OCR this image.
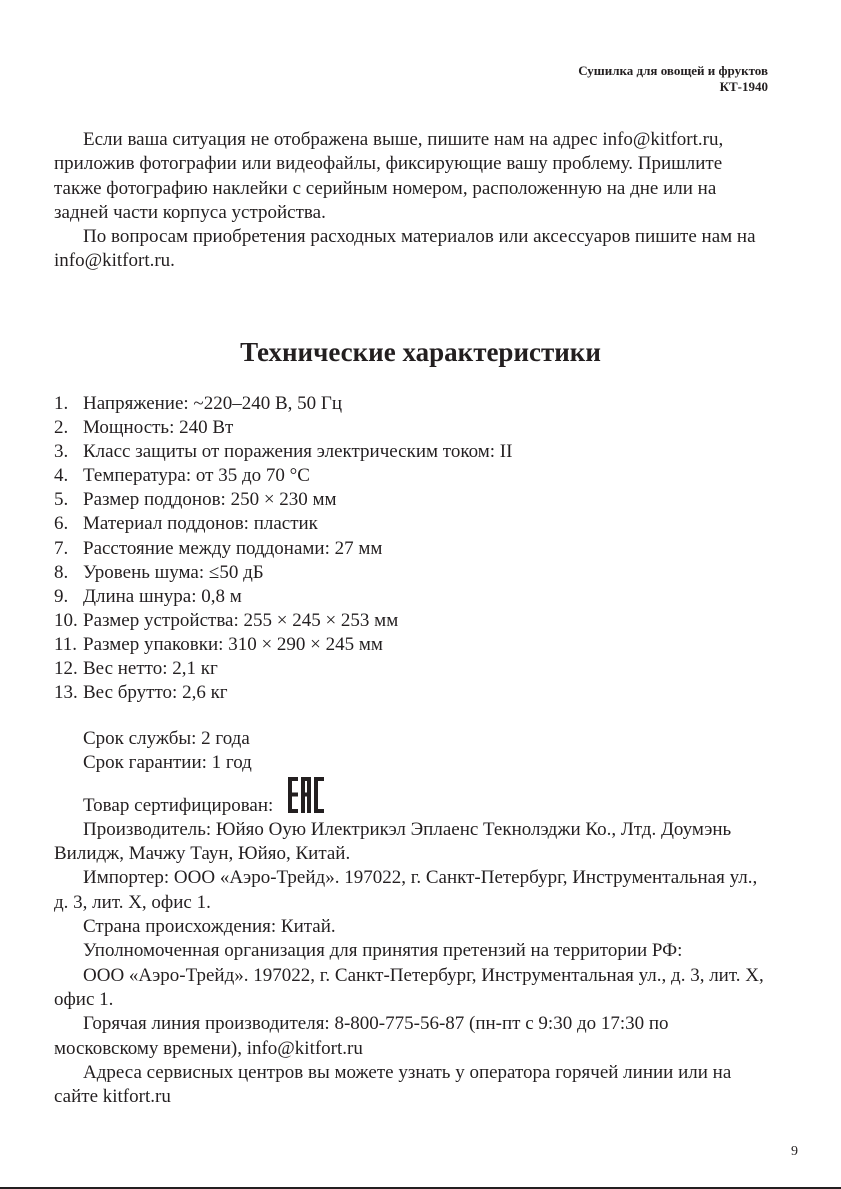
Сушилка для овощей и фруктов
КТ-1940

Если ваша ситуация не отображена выше, пишите нам на адрес info@kitfort.ru, приложив фотографии или видеофайлы, фиксирующие вашу проблему. Пришлите также фотографию наклейки с серийным номером, расположенную на дне или на задней части корпуса устройства.

По вопросам приобретения расходных материалов или аксессуаров пишите нам на info@kitfort.ru.

Технические характеристики
1. Напряжение: ~220–240 В, 50 Гц
2. Мощность: 240 Вт
3. Класс защиты от поражения электрическим током: II
4. Температура: от 35 до 70 °С
5. Размер поддонов: 250 × 230 мм
6. Материал поддонов: пластик
7. Расстояние между поддонами: 27 мм
8. Уровень шума: ≤50 дБ
9. Длина шнура: 0,8 м
10. Размер устройства: 255 × 245 × 253 мм
11. Размер упаковки: 310 × 290 × 245 мм
12. Вес нетто: 2,1 кг
13. Вес брутто: 2,6 кг

Срок службы: 2 года

Срок гарантии: 1 год

Товар сертифицирован:

Производитель: Юйяо Оую Илектрикэл Эплаенс Текнолэджи Ко., Лтд. Доумэнь Вилидж, Мачжу Таун, Юйяо, Китай.

Импортер: ООО «Аэро-Трейд». 197022, г. Санкт-Петербург, Инструментальная ул., д. 3, лит. Х, офис 1.

Страна происхождения: Китай.

Уполномоченная организация для принятия претензий на территории РФ:

ООО «Аэро-Трейд». 197022, г. Санкт-Петербург, Инструментальная ул., д. 3, лит. Х, офис 1.

Горячая линия производителя: 8-800-775-56-87 (пн-пт с 9:30 до 17:30 по московскому времени), info@kitfort.ru

Адреса сервисных центров вы можете узнать у оператора горячей линии или на сайте kitfort.ru

9
